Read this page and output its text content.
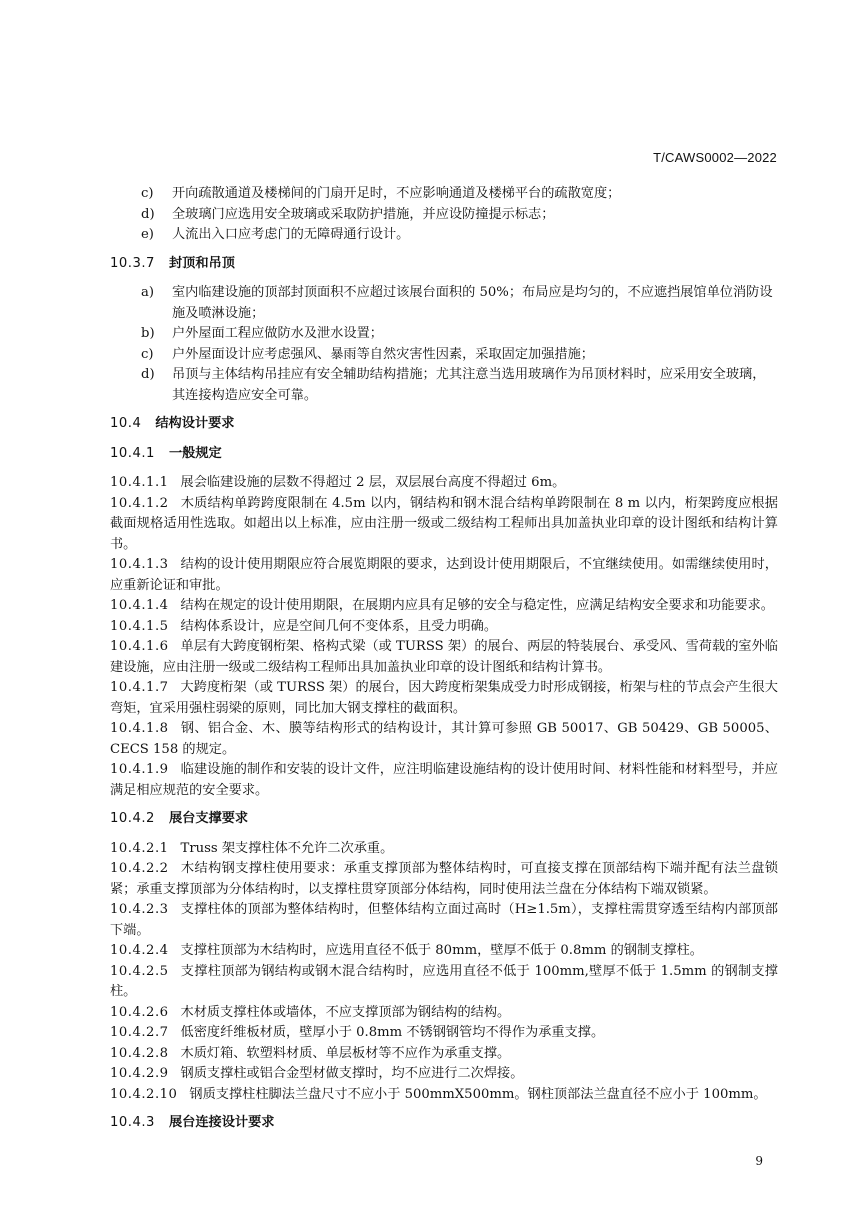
T/CAWS0002—2022
c)	开向疏散通道及楼梯间的门扇开足时，不应影响通道及楼梯平台的疏散宽度；
d)	全玻璃门应选用安全玻璃或采取防护措施，并应设防撞提示标志；
e)	人流出入口应考虑门的无障碍通行设计。
10.3.7 封顶和吊顶
a)	室内临建设施的顶部封顶面积不应超过该展台面积的 50%；布局应是均匀的，不应遮挡展馆单位消防设施及喷淋设施；
b)	户外屋面工程应做防水及泄水设置；
c)	户外屋面设计应考虑强风、暴雨等自然灾害性因素，采取固定加强措施；
d)	吊顶与主体结构吊挂应有安全辅助结构措施；尤其注意当选用玻璃作为吊顶材料时，应采用安全玻璃，其连接构造应安全可靠。
10.4 结构设计要求
10.4.1 一般规定
10.4.1.1 展会临建设施的层数不得超过 2 层，双层展台高度不得超过 6m。
10.4.1.2 木质结构单跨跨度限制在 4.5m 以内，钢结构和钢木混合结构单跨限制在 8 m 以内，桁架跨度应根据截面规格适用性选取。如超出以上标准，应由注册一级或二级结构工程师出具加盖执业印章的设计图纸和结构计算书。
10.4.1.3 结构的设计使用期限应符合展览期限的要求，达到设计使用期限后，不宜继续使用。如需继续使用时，应重新论证和审批。
10.4.1.4 结构在规定的设计使用期限，在展期内应具有足够的安全与稳定性，应满足结构安全要求和功能要求。
10.4.1.5 结构体系设计，应是空间几何不变体系，且受力明确。
10.4.1.6 单层有大跨度钢桁架、格构式梁（或 TURSS 架）的展台、两层的特装展台、承受风、雪荷载的室外临建设施，应由注册一级或二级结构工程师出具加盖执业印章的设计图纸和结构计算书。
10.4.1.7 大跨度桁架（或 TURSS 架）的展台，因大跨度桁架集成受力时形成钢接，桁架与柱的节点会产生很大弯矩，宜采用强柱弱梁的原则，同比加大钢支撑柱的截面积。
10.4.1.8 钢、铝合金、木、膜等结构形式的结构设计，其计算可参照 GB 50017、GB 50429、GB 50005、CECS 158 的规定。
10.4.1.9 临建设施的制作和安装的设计文件，应注明临建设施结构的设计使用时间、材料性能和材料型号，并应满足相应规范的安全要求。
10.4.2 展台支撑要求
10.4.2.1 Truss 架支撑柱体不允许二次承重。
10.4.2.2 木结构钢支撑柱使用要求：承重支撑顶部为整体结构时，可直接支撑在顶部结构下端并配有法兰盘锁紧；承重支撑顶部为分体结构时，以支撑柱贯穿顶部分体结构，同时使用法兰盘在分体结构下端双锁紧。
10.4.2.3 支撑柱体的顶部为整体结构时，但整体结构立面过高时（H≥1.5m），支撑柱需贯穿透至结构内部顶部下端。
10.4.2.4 支撑柱顶部为木结构时，应选用直径不低于 80mm，壁厚不低于 0.8mm 的钢制支撑柱。
10.4.2.5 支撑柱顶部为钢结构或钢木混合结构时，应选用直径不低于 100mm,壁厚不低于 1.5mm 的钢制支撑柱。
10.4.2.6 木材质支撑柱体或墙体，不应支撑顶部为钢结构的结构。
10.4.2.7 低密度纤维板材质，壁厚小于 0.8mm 不锈钢钢管均不得作为承重支撑。
10.4.2.8 木质灯箱、软塑料材质、单层板材等不应作为承重支撑。
10.4.2.9 钢质支撑柱或铝合金型材做支撑时，均不应进行二次焊接。
10.4.2.10 钢质支撑柱柱脚法兰盘尺寸不应小于 500mmX500mm。钢柱顶部法兰盘直径不应小于 100mm。
10.4.3 展台连接设计要求
9
